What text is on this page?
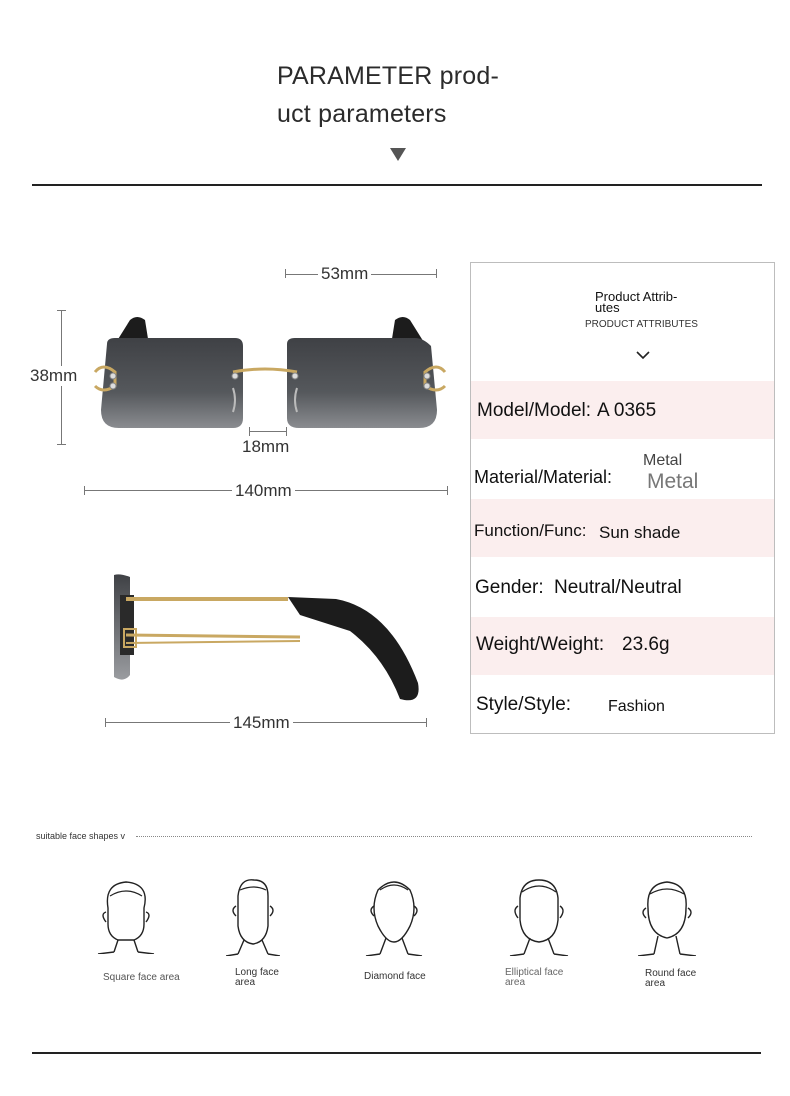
PARAMETER prod-
uct parameters
53mm
38mm
18mm
140mm
145mm
Product Attrib-
utes
PRODUCT ATTRIBUTES
Model/Model: A 0365
Material/Material:
Metal
Metal
Function/Func: Sun shade
Gender: Neutral/Neutral
Weight/Weight: 23.6g
Style/Style: Fashion
suitable face shapes v
Square face area	Long face
area
Diamond face	Elliptical face
area
Round face
area
